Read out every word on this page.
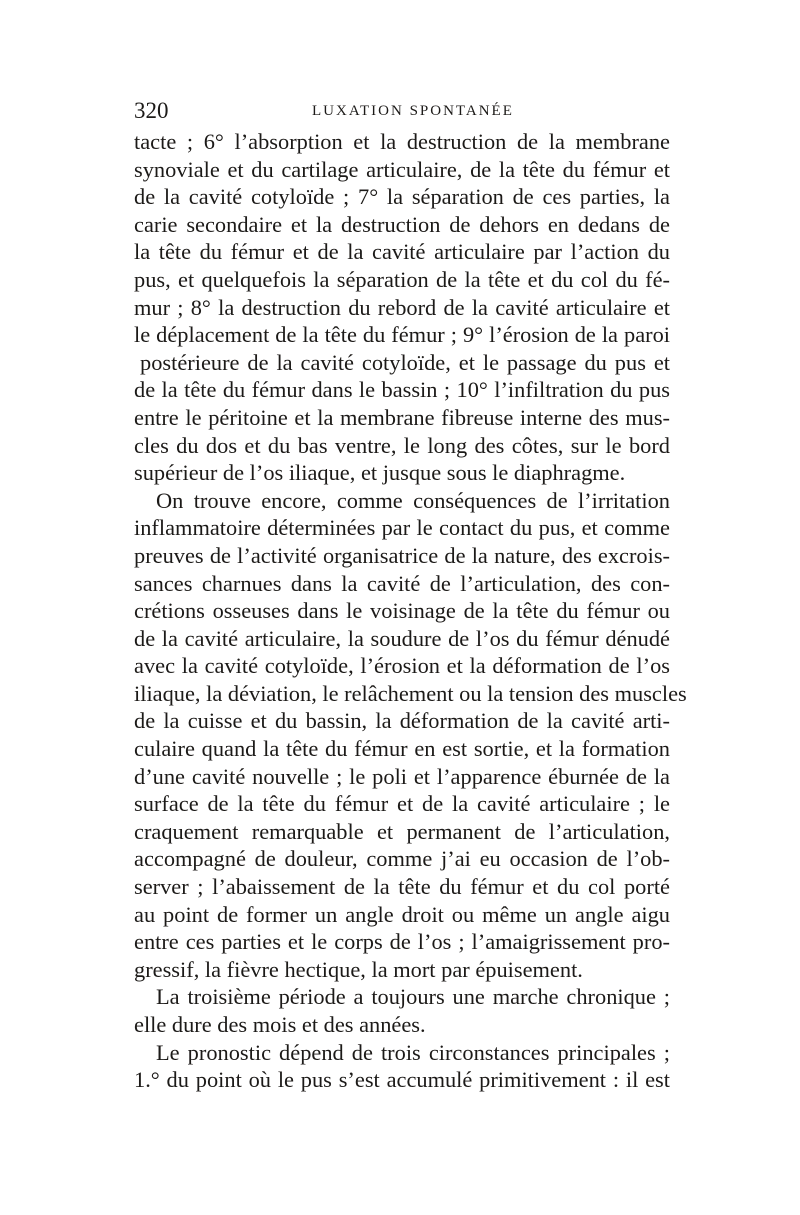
320	LUXATION SPONTANÉE
tacte ; 6° l’absorption et la destruction de la membrane
synoviale et du cartilage articulaire, de la tête du fémur et
de la cavité cotyloïde ; 7° la séparation de ces parties, la
carie secondaire et la destruction de dehors en dedans de
la tête du fémur et de la cavité articulaire par l’action du
pus, et quelquefois la séparation de la tête et du col du fé-
mur ; 8° la destruction du rebord de la cavité articulaire et
le déplacement de la tête du fémur ; 9° l’érosion de la paroi
postérieure de la cavité cotyloïde, et le passage du pus et
de la tête du fémur dans le bassin ; 10° l’infiltration du pus
entre le péritoine et la membrane fibreuse interne des mus-
cles du dos et du bas ventre, le long des côtes, sur le bord
supérieur de l’os iliaque, et jusque sous le diaphragme.
On trouve encore, comme conséquences de l’irritation
inflammatoire déterminées par le contact du pus, et comme
preuves de l’activité organisatrice de la nature, des excrois-
sances charnues dans la cavité de l’articulation, des con-
crétions osseuses dans le voisinage de la tête du fémur ou
de la cavité articulaire, la soudure de l’os du fémur dénudé
avec la cavité cotyloïde, l’érosion et la déformation de l’os
iliaque, la déviation, le relâchement ou la tension des muscles
de la cuisse et du bassin, la déformation de la cavité arti-
culaire quand la tête du fémur en est sortie, et la formation
d’une cavité nouvelle ; le poli et l’apparence éburnée de la
surface de la tête du fémur et de la cavité articulaire ; le
craquement remarquable et permanent de l’articulation,
accompagné de douleur, comme j’ai eu occasion de l’ob-
server ; l’abaissement de la tête du fémur et du col porté
au point de former un angle droit ou même un angle aigu
entre ces parties et le corps de l’os ; l’amaigrissement pro-
gressif, la fièvre hectique, la mort par épuisement.
La troisième période a toujours une marche chronique ;
elle dure des mois et des années.
Le pronostic dépend de trois circonstances principales ;
1.° du point où le pus s’est accumulé primitivement : il est
